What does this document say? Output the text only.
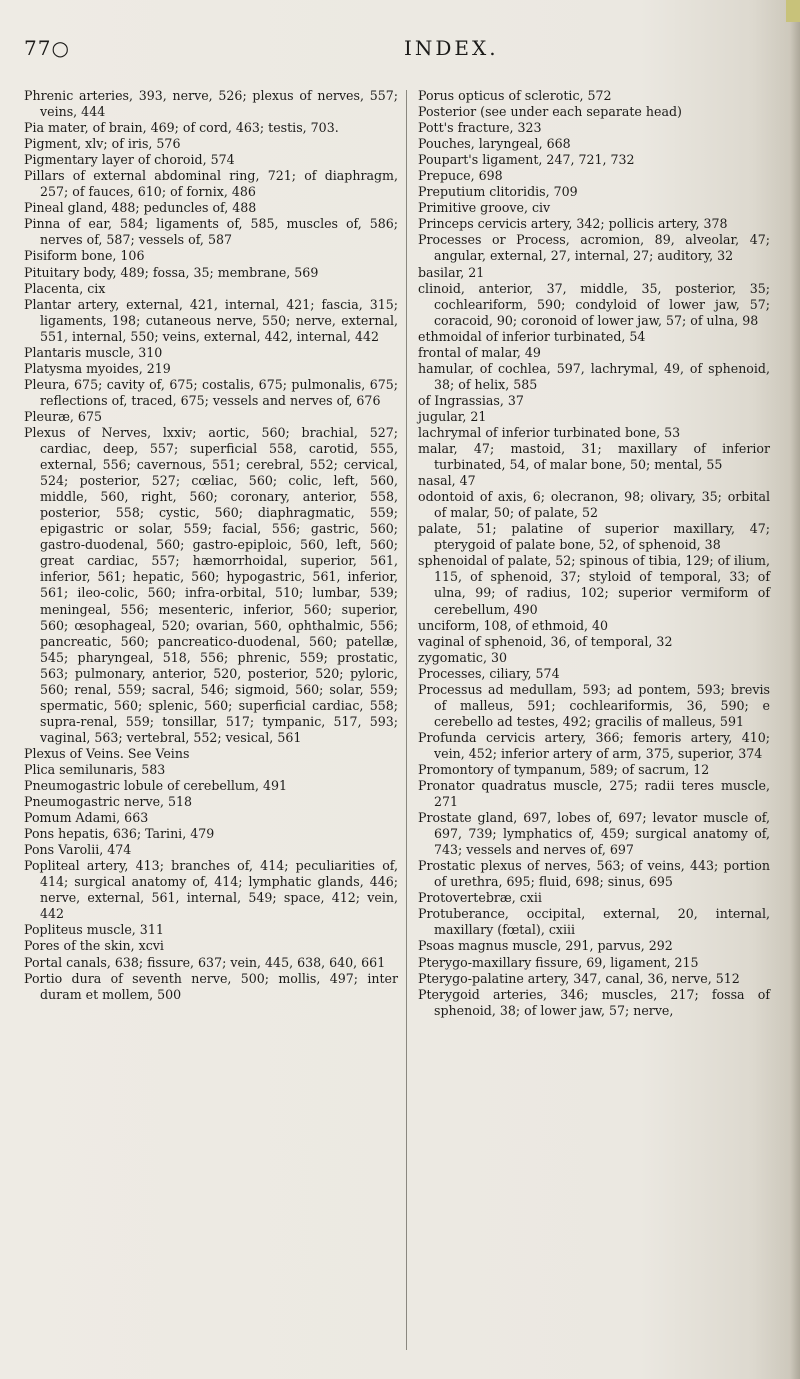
77○	INDEX.

Phrenic arteries, 393, nerve, 526; plexus of nerves, 557; veins, 444

Pia mater, of brain, 469; of cord, 463; testis, 703.

Pigment, xlv; of iris, 576

Pigmentary layer of choroid, 574

Pillars of external abdominal ring, 721; of diaphragm, 257; of fauces, 610; of fornix, 486

Pineal gland, 488; peduncles of, 488

Pinna of ear, 584; ligaments of, 585, muscles of, 586; nerves of, 587; vessels of, 587

Pisiform bone, 106

Pituitary body, 489; fossa, 35; membrane, 569

Placenta, cix

Plantar artery, external, 421, internal, 421; fascia, 315; ligaments, 198; cutaneous nerve, 550; nerve, external, 551, internal, 550; veins, external, 442, internal, 442

Plantaris muscle, 310

Platysma myoides, 219

Pleura, 675; cavity of, 675; costalis, 675; pulmonalis, 675; reflections of, traced, 675; vessels and nerves of, 676

Pleuræ, 675

Plexus of Nerves, lxxiv; aortic, 560; brachial, 527; cardiac, deep, 557; superficial 558, carotid, 555, external, 556; cavernous, 551; cerebral, 552; cervical, 524; posterior, 527; cœliac, 560; colic, left, 560, middle, 560, right, 560; coronary, anterior, 558, posterior, 558; cystic, 560; diaphragmatic, 559; epigastric or solar, 559; facial, 556; gastric, 560; gastro-duodenal, 560; gastro-epiploic, 560, left, 560; great cardiac, 557; hæmorrhoidal, superior, 561, inferior, 561; hepatic, 560; hypogastric, 561, inferior, 561; ileo-colic, 560; infra-orbital, 510; lumbar, 539; meningeal, 556; mesenteric, inferior, 560; superior, 560; œsophageal, 520; ovarian, 560, ophthalmic, 556; pancreatic, 560; pancreatico-duodenal, 560; patellæ, 545; pharyngeal, 518, 556; phrenic, 559; prostatic, 563; pulmonary, anterior, 520, posterior, 520; pyloric, 560; renal, 559; sacral, 546; sigmoid, 560; solar, 559; spermatic, 560; splenic, 560; superficial cardiac, 558; supra-renal, 559; tonsillar, 517; tympanic, 517, 593; vaginal, 563; vertebral, 552; vesical, 561

Plexus of Veins. See Veins

Plica semilunaris, 583

Pneumogastric lobule of cerebellum, 491

Pneumogastric nerve, 518

Pomum Adami, 663

Pons hepatis, 636; Tarini, 479

Pons Varolii, 474

Popliteal artery, 413; branches of, 414; peculiarities of, 414; surgical anatomy of, 414; lymphatic glands, 446; nerve, external, 561, internal, 549; space, 412; vein, 442

Popliteus muscle, 311

Pores of the skin, xcvi

Portal canals, 638; fissure, 637; vein, 445, 638, 640, 661

Portio dura of seventh nerve, 500; mollis, 497; inter duram et mollem, 500

Porus opticus of sclerotic, 572

Posterior (see under each separate head)

Pott's fracture, 323

Pouches, laryngeal, 668

Poupart's ligament, 247, 721, 732

Prepuce, 698

Preputium clitoridis, 709

Primitive groove, civ

Princeps cervicis artery, 342; pollicis artery, 378

Processes or Process, acromion, 89, alveolar, 47; angular, external, 27, internal, 27; auditory, 32

basilar, 21

clinoid, anterior, 37, middle, 35, posterior, 35; cochleariform, 590; condyloid of lower jaw, 57; coracoid, 90; coronoid of lower jaw, 57; of ulna, 98

ethmoidal of inferior turbinated, 54

frontal of malar, 49

hamular, of cochlea, 597, lachrymal, 49, of sphenoid, 38; of helix, 585

of Ingrassias, 37

jugular, 21

lachrymal of inferior turbinated bone, 53

malar, 47; mastoid, 31; maxillary of inferior turbinated, 54, of malar bone, 50; mental, 55

nasal, 47

odontoid of axis, 6; olecranon, 98; olivary, 35; orbital of malar, 50; of palate, 52

palate, 51; palatine of superior maxillary, 47; pterygoid of palate bone, 52, of sphenoid, 38

sphenoidal of palate, 52; spinous of tibia, 129; of ilium, 115, of sphenoid, 37; styloid of temporal, 33; of ulna, 99; of radius, 102; superior vermiform of cerebellum, 490

unciform, 108, of ethmoid, 40

vaginal of sphenoid, 36, of temporal, 32

zygomatic, 30

Processes, ciliary, 574

Processus ad medullam, 593; ad pontem, 593; brevis of malleus, 591; cochleariformis, 36, 590; e cerebello ad testes, 492; gracilis of malleus, 591

Profunda cervicis artery, 366; femoris artery, 410; vein, 452; inferior artery of arm, 375, superior, 374

Promontory of tympanum, 589; of sacrum, 12

Pronator quadratus muscle, 275; radii teres muscle, 271

Prostate gland, 697, lobes of, 697; levator muscle of, 697, 739; lymphatics of, 459; surgical anatomy of, 743; vessels and nerves of, 697

Prostatic plexus of nerves, 563; of veins, 443; portion of urethra, 695; fluid, 698; sinus, 695

Protovertebræ, cxii

Protuberance, occipital, external, 20, internal, maxillary (fœtal), cxiii

Psoas magnus muscle, 291, parvus, 292

Pterygo-maxillary fissure, 69, ligament, 215

Pterygo-palatine artery, 347, canal, 36, nerve, 512

Pterygoid arteries, 346; muscles, 217; fossa of sphenoid, 38; of lower jaw, 57; nerve,
